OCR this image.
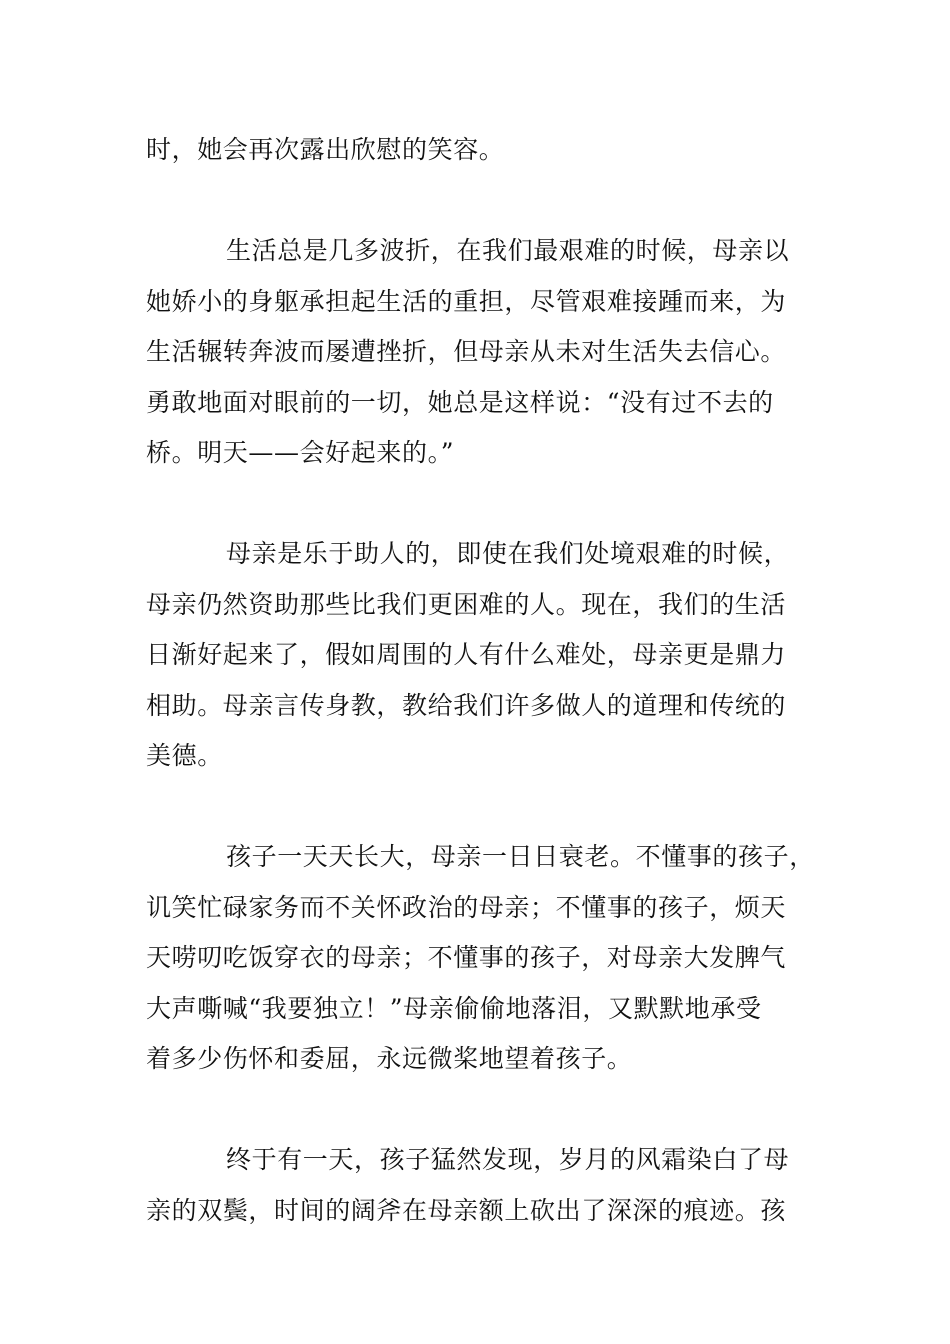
时，她会再次露出欣慰的笑容。

生活总是几多波折，在我们最艰难的时候，母亲以
她娇小的身躯承担起生活的重担，尽管艰难接踵而来，为
生活辗转奔波而屡遭挫折，但母亲从未对生活失去信心。
勇敢地面对眼前的一切，她总是这样说：“没有过不去的
桥。明天——会好起来的。”

母亲是乐于助人的，即使在我们处境艰难的时候，
母亲仍然资助那些比我们更困难的人。现在，我们的生活
日渐好起来了，假如周围的人有什么难处，母亲更是鼎力
相助。母亲言传身教，教给我们许多做人的道理和传统的
美德。

孩子一天天长大，母亲一日日衰老。不懂事的孩子，
讥笑忙碌家务而不关怀政治的母亲；不懂事的孩子，烦天
天唠叨吃饭穿衣的母亲；不懂事的孩子，对母亲大发脾气
大声嘶喊“我要独立！”母亲偷偷地落泪，又默默地承受
着多少伤怀和委屈，永远微桨地望着孩子。

终于有一天，孩子猛然发现，岁月的风霜染白了母
亲的双鬓，时间的阔斧在母亲额上砍出了深深的痕迹。孩
